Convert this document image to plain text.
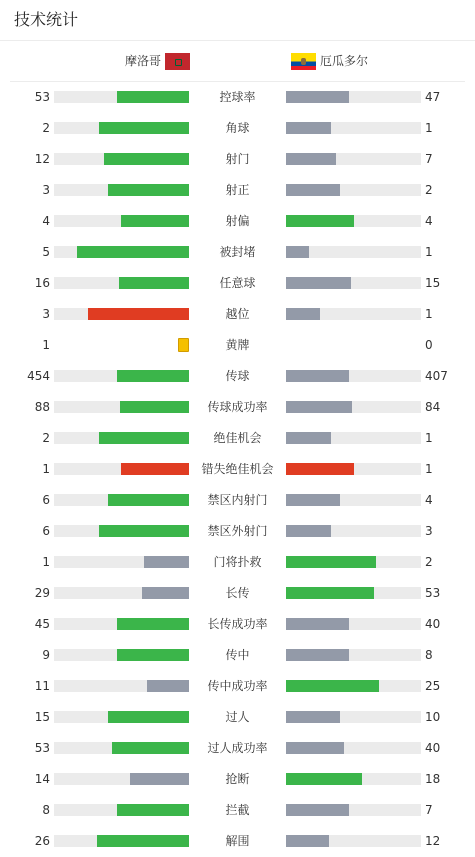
技术统计
摩洛哥	厄瓜多尔
53	控球率	47
2	角球	1
12	射门	7
3	射正	2
4	射偏	4
5	被封堵	1
16	任意球	15
3	越位	1
1	黄牌	0
454	传球	407
88	传球成功率	84
2	绝佳机会	1
1	错失绝佳机会	1
6	禁区内射门	4
6	禁区外射门	3
1	门将扑救	2
29	长传	53
45	长传成功率	40
9	传中	8
11	传中成功率	25
15	过人	10
53	过人成功率	40
14	抢断	18
8	拦截	7
26	解围	12
